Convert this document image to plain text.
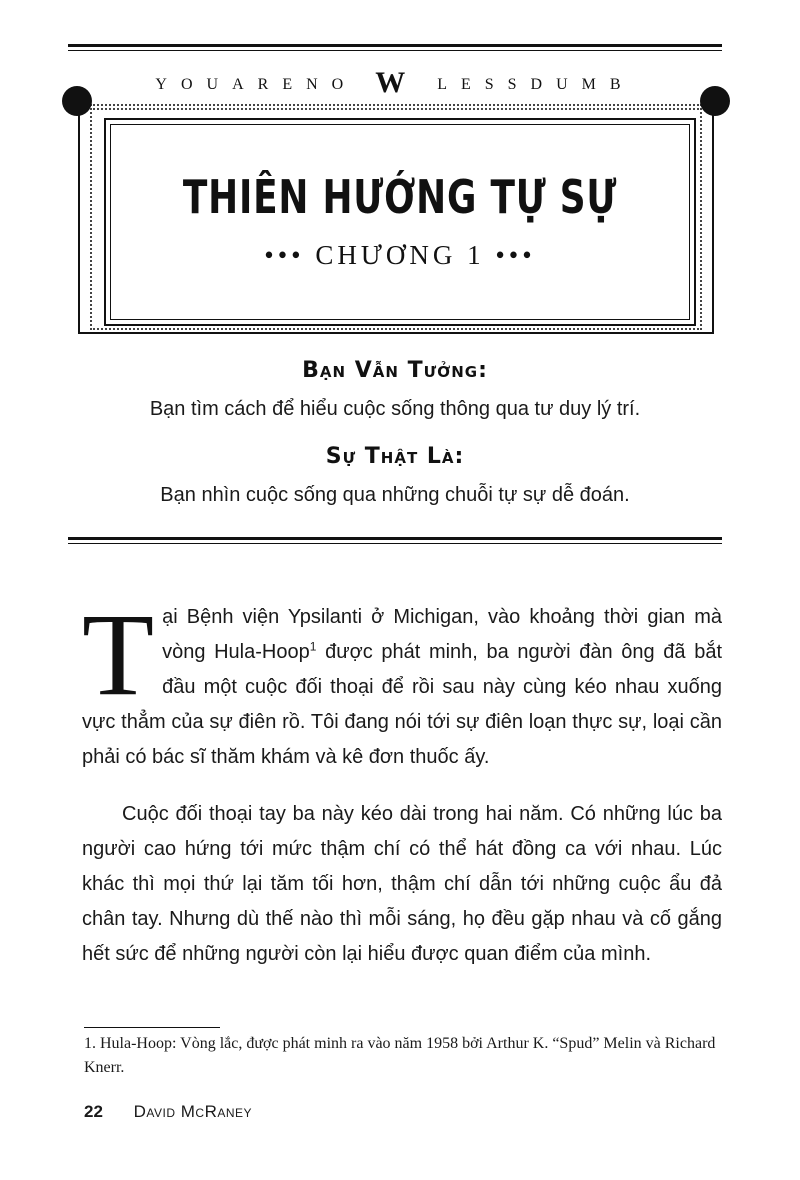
YOUARENO W LESSDUMB
THIÊN HƯỚNG TỰ SỰ
••• CHƯƠNG 1 •••
Bạn Vẫn Tưởng:
Bạn tìm cách để hiểu cuộc sống thông qua tư duy lý trí.
Sự Thật Là:
Bạn nhìn cuộc sống qua những chuỗi tự sự dễ đoán.

Tại Bệnh viện Ypsilanti ở Michigan, vào khoảng thời gian mà vòng Hula-Hoop$^1$ được phát minh, ba người đàn ông đã bắt đầu một cuộc đối thoại để rồi sau này cùng kéo nhau xuống vực thẳm của sự điên rồ. Tôi đang nói tới sự điên loạn thực sự, loại cần phải có bác sĩ thăm khám và kê đơn thuốc ấy.

Cuộc đối thoại tay ba này kéo dài trong hai năm. Có những lúc ba người cao hứng tới mức thậm chí có thể hát đồng ca với nhau. Lúc khác thì mọi thứ lại tăm tối hơn, thậm chí dẫn tới những cuộc ẩu đả chân tay. Nhưng dù thế nào thì mỗi sáng, họ đều gặp nhau và cố gắng hết sức để những người còn lại hiểu được quan điểm của mình.

1. Hula-Hoop: Vòng lắc, được phát minh ra vào năm 1958 bởi Arthur K. “Spud” Melin và Richard Knerr.
22 David McRaney
